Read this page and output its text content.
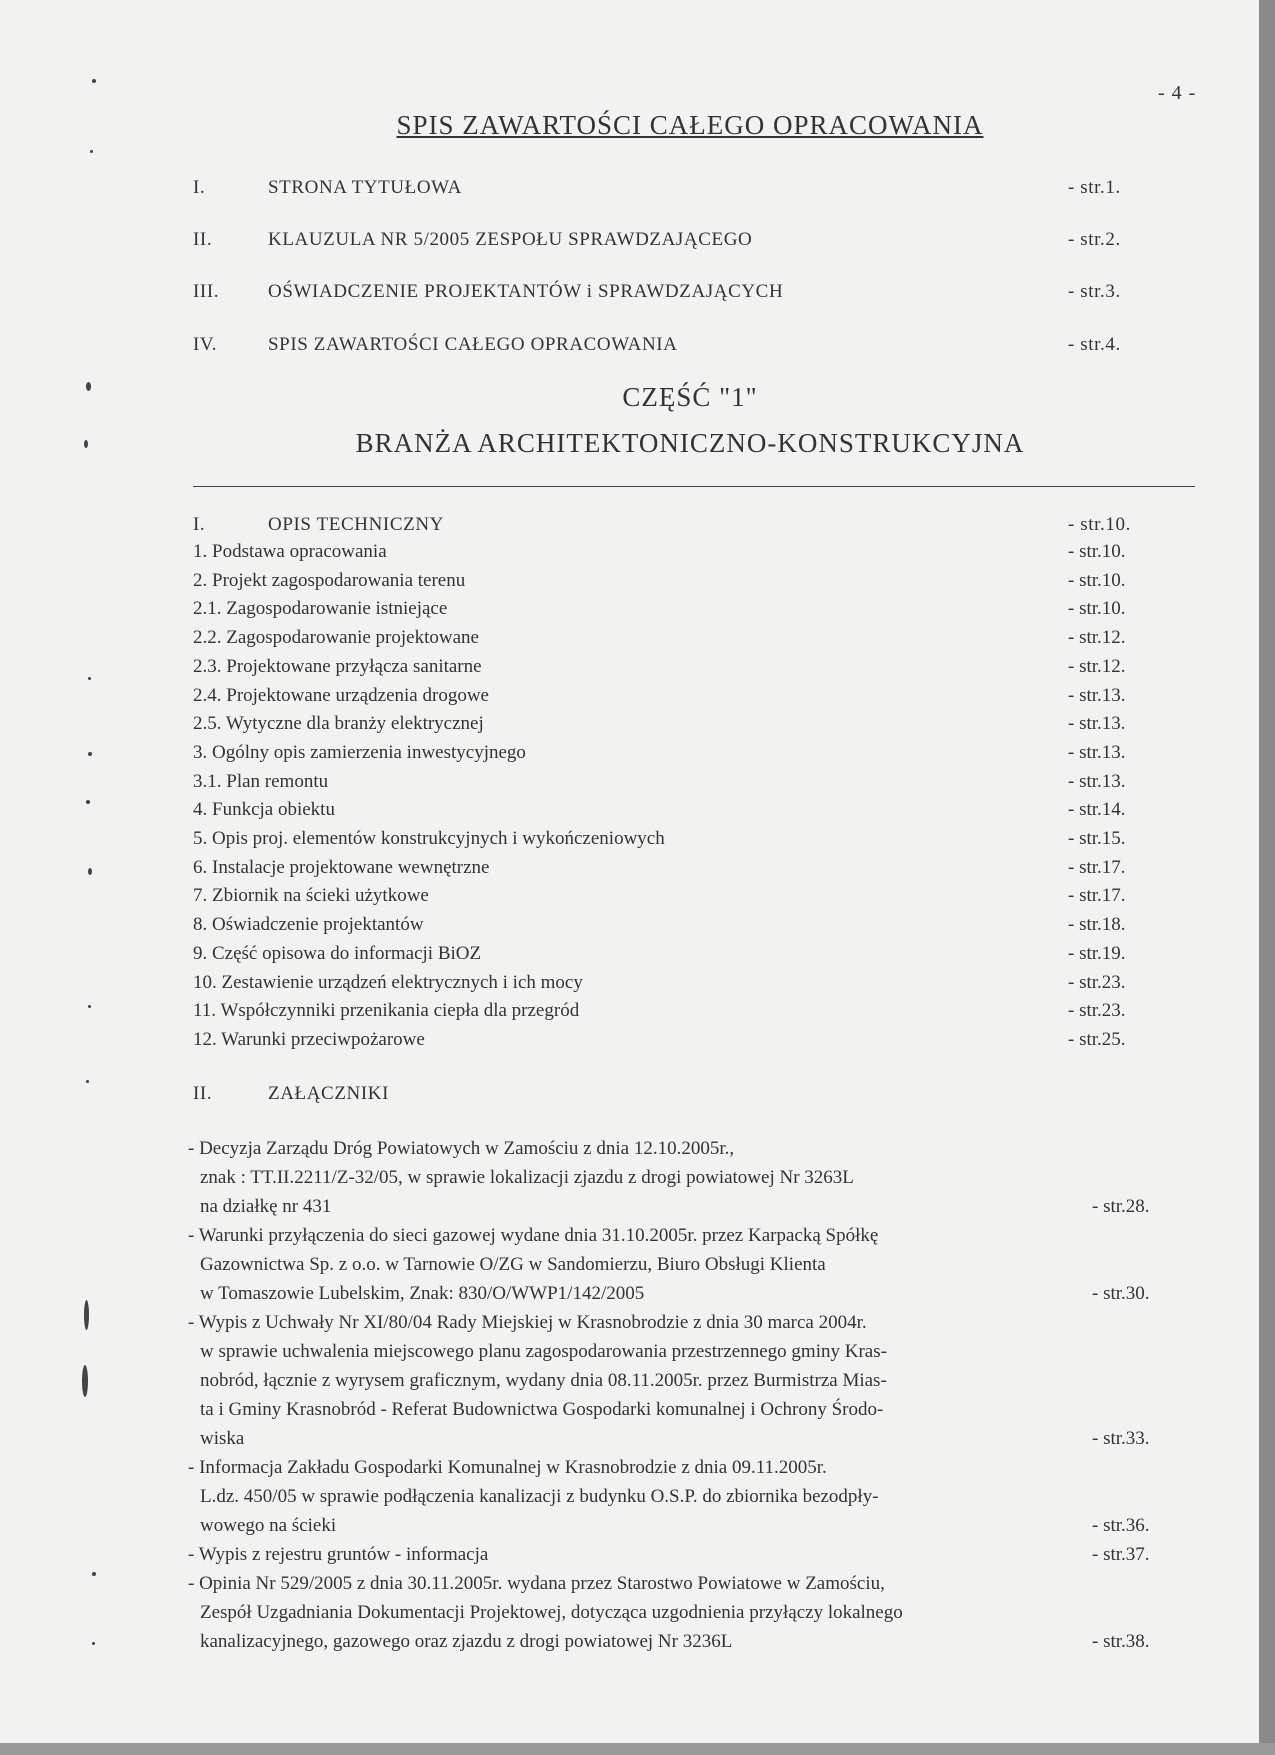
- 4 -
SPIS ZAWARTOŚCI CAŁEGO OPRACOWANIA
I.	STRONA TYTUŁOWA	- str.1.
II.	KLAUZULA NR 5/2005 ZESPOŁU SPRAWDZAJĄCEGO	- str.2.
III.	OŚWIADCZENIE PROJEKTANTÓW i SPRAWDZAJĄCYCH	- str.3.
IV.	SPIS ZAWARTOŚCI CAŁEGO OPRACOWANIA	- str.4.
CZĘŚĆ "1"
BRANŻA ARCHITEKTONICZNO-KONSTRUKCYJNA
I.	OPIS TECHNICZNY	- str.10.
1. Podstawa opracowania	- str.10.
2. Projekt zagospodarowania terenu	- str.10.
2.1. Zagospodarowanie istniejące	- str.10.
2.2. Zagospodarowanie projektowane	- str.12.
2.3. Projektowane przyłącza sanitarne	- str.12.
2.4. Projektowane urządzenia drogowe	- str.13.
2.5. Wytyczne dla branży elektrycznej	- str.13.
3. Ogólny opis zamierzenia inwestycyjnego	- str.13.
3.1. Plan remontu	- str.13.
4. Funkcja obiektu	- str.14.
5. Opis proj. elementów konstrukcyjnych i wykończeniowych	- str.15.
6. Instalacje projektowane wewnętrzne	- str.17.
7. Zbiornik na ścieki użytkowe	- str.17.
8. Oświadczenie projektantów	- str.18.
9. Część opisowa do informacji BiOZ	- str.19.
10. Zestawienie urządzeń elektrycznych i ich mocy	- str.23.
11. Współczynniki przenikania ciepła dla przegród	- str.23.
12. Warunki przeciwpożarowe	- str.25.
II.	ZAŁĄCZNIKI
- Decyzja Zarządu Dróg Powiatowych w Zamościu z dnia 12.10.2005r.,
znak : TT.II.2211/Z-32/05, w sprawie lokalizacji zjazdu z drogi powiatowej Nr 3263L
na działkę nr 431	- str.28.
- Warunki przyłączenia do sieci gazowej wydane dnia 31.10.2005r. przez Karpacką Spółkę
Gazownictwa Sp. z o.o. w Tarnowie O/ZG w Sandomierzu, Biuro Obsługi Klienta
w Tomaszowie Lubelskim, Znak: 830/O/WWP1/142/2005	- str.30.
- Wypis z Uchwały Nr XI/80/04 Rady Miejskiej w Krasnobrodzie z dnia 30 marca 2004r.
w sprawie uchwalenia miejscowego planu zagospodarowania przestrzennego gminy Kras-
nobród, łącznie z wyrysem graficznym, wydany dnia 08.11.2005r. przez Burmistrza Mias-
ta i Gminy Krasnobród - Referat Budownictwa Gospodarki komunalnej i Ochrony Środo-
wiska	- str.33.
- Informacja Zakładu Gospodarki Komunalnej w Krasnobrodzie z dnia 09.11.2005r.
L.dz. 450/05 w sprawie podłączenia kanalizacji z budynku O.S.P. do zbiornika bezodpły-
wowego na ścieki	- str.36.
- Wypis z rejestru gruntów - informacja	- str.37.
- Opinia Nr 529/2005 z dnia 30.11.2005r. wydana przez Starostwo Powiatowe w Zamościu,
Zespół Uzgadniania Dokumentacji Projektowej, dotycząca uzgodnienia przyłączy lokalnego
kanalizacyjnego, gazowego oraz zjazdu z drogi powiatowej Nr 3236L	- str.38.
